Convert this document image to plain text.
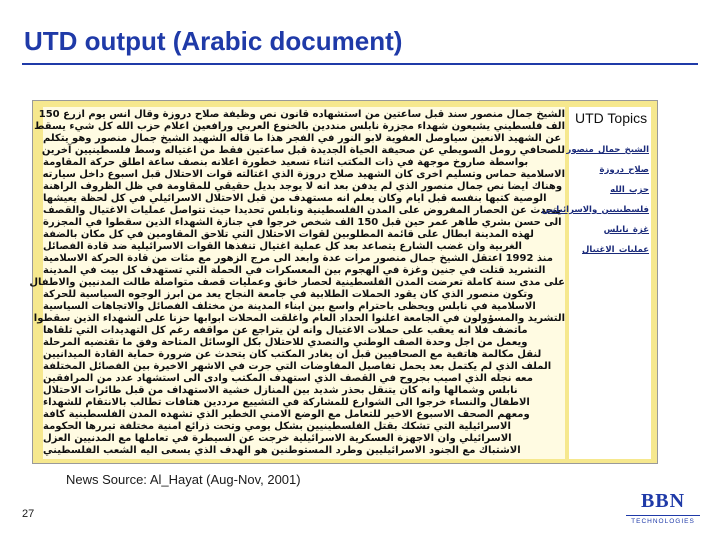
UTD output (Arabic document)
الشيخ جمال منصور سند قبل ساعتين من استشهاده قانون نص وظيفة صلاح دروزة وقال انس يوم ازرع 150
الف فلسطيني يشيعون شهداء مجزرة نابلس منددين بالخنوع العربي ورافعين اعلام حزب الله كل شيء يسقط
عن الشهيد الانعين سياوصل العفوية لابو النور في الفجر هذا ما قاله الشهيد الشيخ جمال منصور وهو يتكلم
للصحافي رومل السويطي عن صحيفة الحياة الجديدة قبل ساعتين فقط من اغتياله وسط فلسطينيين آخرين
بواسطة صاروخ موجهة في ذات المكتب اثناء تسعيد خطورة اعلانه بنصف ساعة اطلق حركة المقاومة
الاسلامية حماس وتسليم اخرى كان الشهيد صلاح دروزة الذي اغتالته قوات الاحتلال قبل اسبوع داخل سيارته
وهناك ايضا نص جمال منصور الذي لم يدفن بعد انه لا يوجد بديل حقيقي للمقاومة في ظل الظروف الراهنة
الوصية كتبها بنفسه قبل ايام وكان يعلم انه مستهدف من قبل الاحتلال الاسرائيلي في كل لحظة يعيشها
يتحدث عن الحصار المفروض على المدن الفلسطينية ونابلس تحديدا حيث تتواصل عمليات الاغتيال والقصف
الى حسن بشري طاهر عمر حين قبل 150 الف شخص خرجوا في جنازة الشهداء الذين سقطوا في المجزرة
لهذه المدينة ابطال على قائمة المطلوبين لقوات الاحتلال التي تلاحق المقاومين في كل مكان بالضفة
الغربية وان غضب الشارع يتصاعد بعد كل عملية اغتيال تنفذها القوات الاسرائيلية ضد قادة الفصائل
منذ 1992 اعتقل الشيخ جمال منصور مرات عدة وابعد الى مرج الزهور مع مئات من قادة الحركة الاسلامية
التشريد قتلت في جنين وغزة في الهجوم بين المعسكرات في الحملة التي تستهدف كل بيت في المدينة
على مدى سنة كاملة تعرضت المدن الفلسطينية لحصار خانق وعمليات قصف متواصلة طالت المدنيين والاطفال
وتكون منصور الذي كان يقود الحملات الطلابية في جامعة النجاح يعد من ابرز الوجوه السياسية للحركة
الاسلامية في نابلس ويحظى باحترام واسع بين ابناء المدينة من مختلف الفصائل والاتجاهات السياسية
التشريد والمسؤولون في الجامعة اعلنوا الحداد العام واغلقت المحلات ابوابها حزنا على الشهداء الذين سقطوا
ماتضف فلا انه يعقب على حملات الاغتيال وانه لن يتراجع عن مواقفه رغم كل التهديدات التي تلقاها
ويعمل من اجل وحدة الصف الوطني والتصدي للاحتلال بكل الوسائل المتاحة وفق ما تقتضيه المرحلة
لنقل مكالمة هاتفية مع الصحافيين قبل ان يغادر المكتب كان يتحدث عن ضرورة حماية القادة الميدانيين
الملف الذي لم يكتمل بعد يحمل تفاصيل المفاوضات التي جرت في الاشهر الاخيرة بين الفصائل المختلفة
معه نجله الذي اصيب بجروح في القصف الذي استهدف المكتب وادى الى استشهاد عدد من المرافقين
نابلس وشمالها وانه كان يتنقل بحذر شديد بين المنازل خشية الاستهداف من قبل طائرات الاحتلال
الاطفال والنساء خرجوا الى الشوارع للمشاركة في التشييع مرددين هتافات تطالب بالانتقام للشهداء
ومعهم الصحف الاسبوع الاخير للتعامل مع الوضع الامني الخطير الذي تشهده المدن الفلسطينية كافة
الاسرائيلية التي تشكك بقتل الفلسطينيين بشكل يومي وتحت ذرائع امنية مختلفة تبررها الحكومة
الاسرائيلي وان الاجهزة العسكرية الاسرائيلية خرجت عن السيطرة في تعاملها مع المدنيين العزل
الاشتباك مع الجنود الاسرائيليين وطرد المستوطنين هو الهدف الذي يسعى اليه الشعب الفلسطيني
UTD Topics
الشيخ_جمال_منصور
صلاح_دروزة
حزب_الله
فلسطينيين_والاسرائيليين
غزة_نابلس
عمليات_الاغتيال
News Source: Al_Hayat (Aug-Nov, 2001)
27
BBN
TECHNOLOGIES
